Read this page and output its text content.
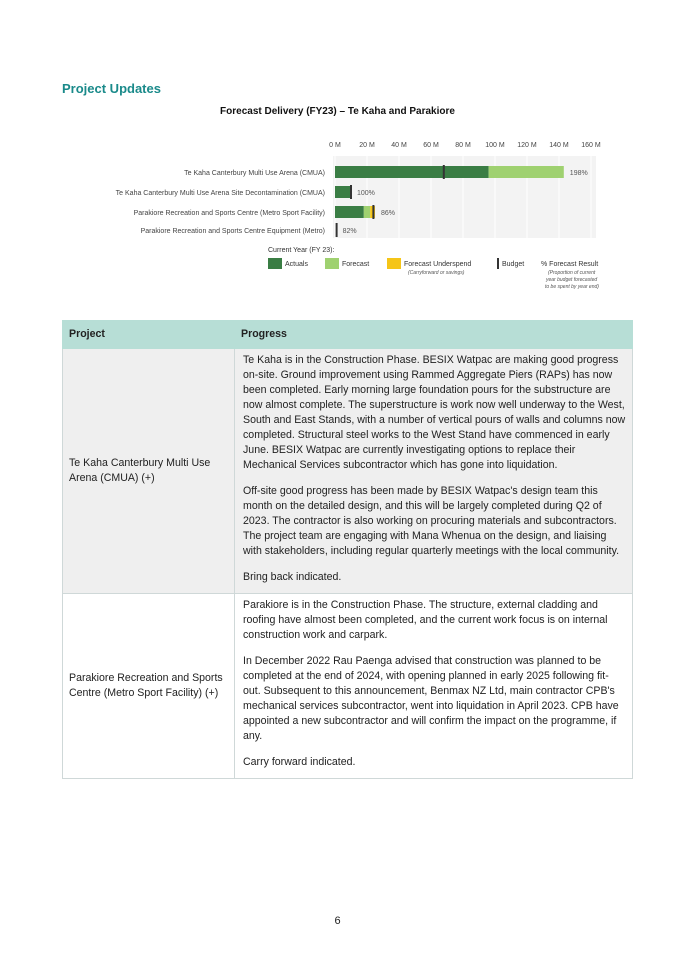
Project Updates
Forecast Delivery (FY23) – Te Kaha and Parakiore
0 M	20 M 40 M 60 M 80 M 100 M 120 M 140 M 160 M
Te Kaha Canterbury Multi Use Arena (CMUA)
Te Kaha Canterbury Multi Use Arena Site Decontamination (CMUA)
Parakiore Recreation and Sports Centre (Metro Sport Facility)
Parakiore Recreation and Sports Centre Equipment (Metro)
198%
100%
86%
82%
Current Year (FY 23):
Actuals	Forecast	Forecast Underspend
(Carryforward or savings)
Budget % Forecast Result
(Proportion of current
year budget forecasted
to be spent by year end)
Project	Progress
Te Kaha Canterbury Multi Use Arena (CMUA) (+)	Te Kaha is in the Construction Phase. BESIX Watpac are making good progress on-site. Ground improvement using Rammed Aggregate Piers (RAPs) has now been completed. Early morning large foundation pours for the substructure are now almost complete. The superstructure is work now well underway to the West, South and East Stands, with a number of vertical pours of walls and columns now completed. Structural steel works to the West Stand have commenced in early June. BESIX Watpac are currently investigating options to replace their Mechanical Services subcontractor which has gone into liquidation.

Off-site good progress has been made by BESIX Watpac's design team this month on the detailed design, and this will be largely completed during Q2 of 2023. The contractor is also working on procuring materials and subcontractors. The project team are engaging with Mana Whenua on the design, and liaising with stakeholders, including regular quarterly meetings with the local community.

Bring back indicated.

Parakiore Recreation and Sports Centre (Metro Sport Facility) (+)	Parakiore is in the Construction Phase. The structure, external cladding and roofing have almost been completed, and the current work focus is on internal construction work and carpark.

In December 2022 Rau Paenga advised that construction was planned to be completed at the end of 2024, with opening planned in early 2025 following fit-out. Subsequent to this announcement, Benmax NZ Ltd, main contractor CPB's mechanical services subcontractor, went into liquidation in April 2023. CPB have appointed a new subcontractor and will confirm the impact on the programme, if any.

Carry forward indicated.

6
